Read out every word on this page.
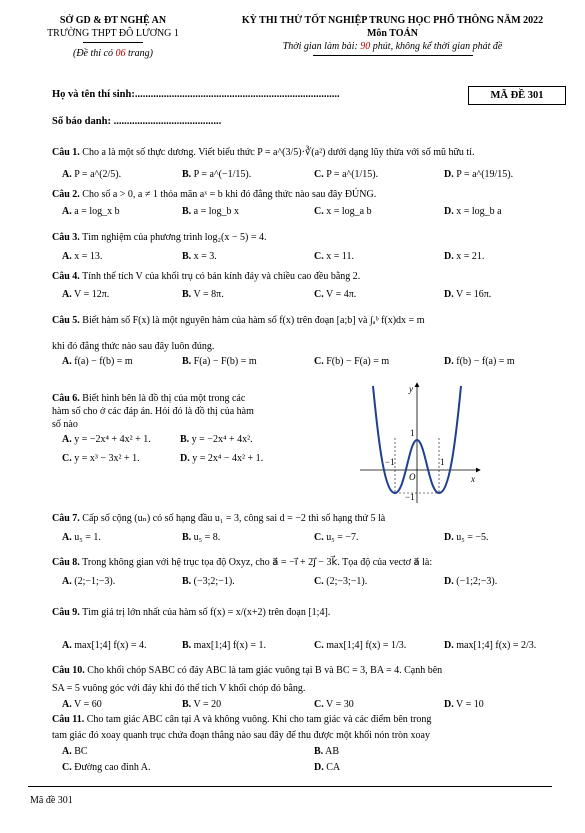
SỞ GD & ĐT NGHỆ AN
TRƯỜNG THPT ĐÔ LƯƠNG 1
(Đề thi có 06 trang)
KỲ THI THỬ TỐT NGHIỆP TRUNG HỌC PHỔ THÔNG NĂM 2022
Môn TOÁN
Thời gian làm bài: 90 phút, không kể thời gian phát đề
Họ và tên thí sinh:..............................................................................	MÃ ĐỀ 301
Số báo danh: .........................................
Câu 1. Cho a là một số thực dương. Viết biểu thức P = a^(3/5)·∛(a²) dưới dạng lũy thừa với số mũ hữu tỉ.
A. P = a^(2/5).	B. P = a^(−1/15).	C. P = a^(1/15).	D. P = a^(19/15).
Câu 2. Cho số a > 0, a ≠ 1 thỏa mãn aˣ = b khi đó đẳng thức nào sau đây ĐÚNG.
A. a = log_x b	B. a = log_b x	C. x = log_a b	D. x = log_b a
Câu 3. Tìm nghiệm của phương trình log₂(x − 5) = 4.
A. x = 13.	B. x = 3.	C. x = 11.	D. x = 21.
Câu 4. Tính thể tích V của khối trụ có bán kính đáy và chiều cao đều bằng 2.
A. V = 12π.	B. V = 8π.	C. V = 4π.	D. V = 16π.
Câu 5. Biết hàm số F(x) là một nguyên hàm của hàm số f(x) trên đoạn [a;b] và ∫ₐᵇ f(x)dx = m
khi đó đẳng thức nào sau đây luôn đúng.
A. f(a) − f(b) = m	B. F(a) − F(b) = m	C. F(b) − F(a) = m	D. f(b) − f(a) = m
Câu 6. Biết hình bên là đồ thị của một trong các
hàm số cho ở các đáp án. Hỏi đó là đồ thị của hàm
số nào
A. y = −2x⁴ + 4x² + 1.	B. y = −2x⁴ + 4x².
C. y = x³ − 3x² + 1.	D. y = 2x⁴ − 4x² + 1.
y
x
1
O
−1	1
−1
Câu 7. Cấp số cộng (uₙ) có số hạng đầu u₁ = 3, công sai d = −2 thì số hạng thứ 5 là
A. u₅ = 1.	B. u₅ = 8.	C. u₅ = −7.	D. u₅ = −5.
Câu 8. Trong không gian với hệ trục tọa độ Oxyz, cho a⃗ = −i⃗ + 2j⃗ − 3k⃗. Tọa độ của vectơ a⃗ là:
A. (2;−1;−3).	B. (−3;2;−1).	C. (2;−3;−1).	D. (−1;2;−3).
Câu 9. Tìm giá trị lớn nhất của hàm số f(x) = x/(x+2) trên đoạn [1;4].
A. max[1;4] f(x) = 4.	B. max[1;4] f(x) = 1.	C. max[1;4] f(x) = 1/3.	D. max[1;4] f(x) = 2/3.
Câu 10. Cho khối chóp SABC có đáy ABC là tam giác vuông tại B và BC = 3, BA = 4. Cạnh bên
SA = 5 vuông góc với đáy khi đó thể tích V khối chóp đó bằng.
A. V = 60	B. V = 20	C. V = 30	D. V = 10
Câu 11. Cho tam giác ABC cân tại A và không vuông. Khi cho tam giác và các điểm bên trong
tam giác đó xoay quanh trục chứa đoạn thẳng nào sau đây để thu được một khối nón tròn xoay
A. BC	B. AB
C. Đường cao đỉnh A.	D. CA
Mã đề 301
